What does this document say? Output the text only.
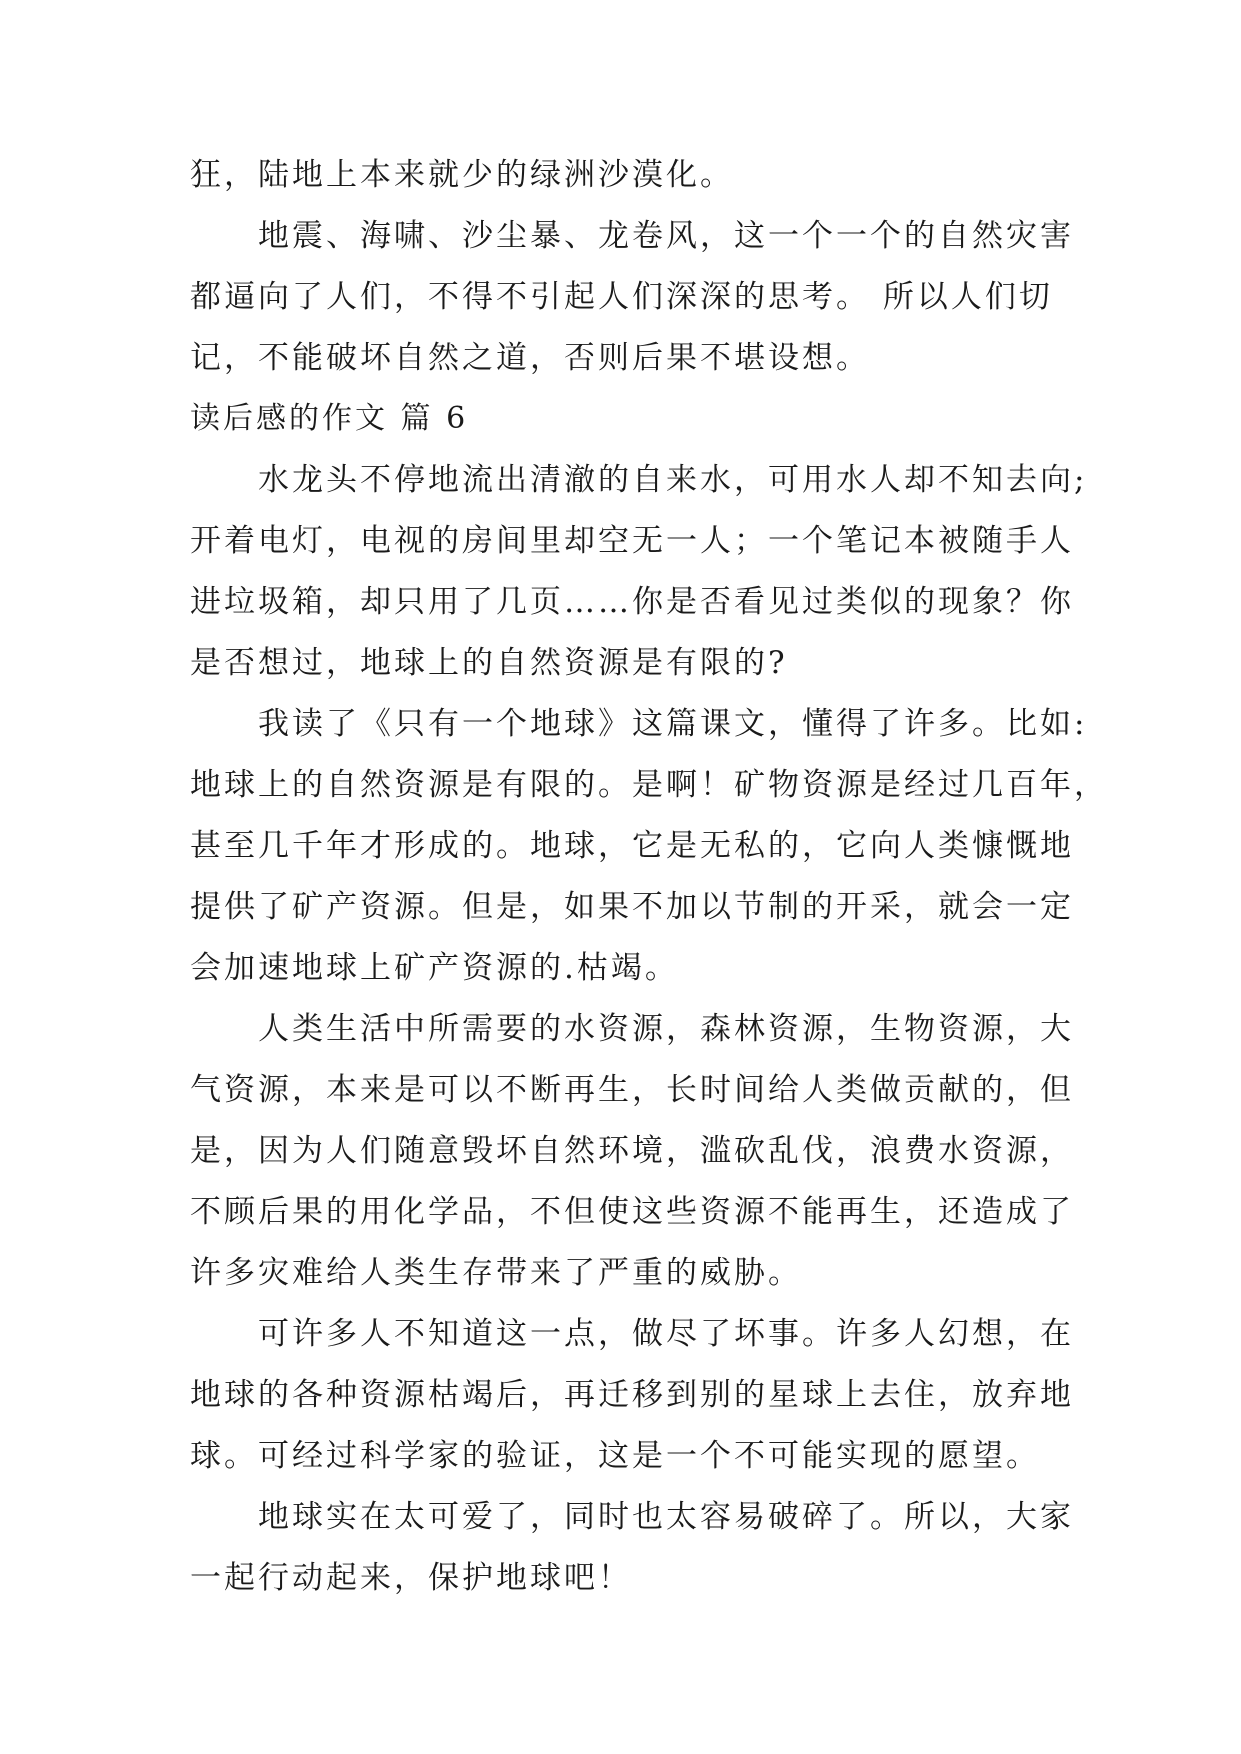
狂，陆地上本来就少的绿洲沙漠化。
地震、海啸、沙尘暴、龙卷风，这一个一个的自然灾害
都逼向了人们，不得不引起人们深深的思考。 所以人们切
记，不能破坏自然之道，否则后果不堪设想。
读后感的作文 篇 6
水龙头不停地流出清澈的自来水，可用水人却不知去向;
开着电灯，电视的房间里却空无一人；一个笔记本被随手人
进垃圾箱，却只用了几页……你是否看见过类似的现象？你
是否想过，地球上的自然资源是有限的?
我读了《只有一个地球》这篇课文，懂得了许多。比如:
地球上的自然资源是有限的。是啊！矿物资源是经过几百年，
甚至几千年才形成的。地球，它是无私的，它向人类慷慨地
提供了矿产资源。但是，如果不加以节制的开采，就会一定
会加速地球上矿产资源的.枯竭。
人类生活中所需要的水资源，森林资源，生物资源，大
气资源，本来是可以不断再生，长时间给人类做贡献的，但
是，因为人们随意毁坏自然环境，滥砍乱伐，浪费水资源，
不顾后果的用化学品，不但使这些资源不能再生，还造成了
许多灾难给人类生存带来了严重的威胁。
可许多人不知道这一点，做尽了坏事。许多人幻想，在
地球的各种资源枯竭后，再迁移到别的星球上去住，放弃地
球。可经过科学家的验证，这是一个不可能实现的愿望。
地球实在太可爱了，同时也太容易破碎了。所以，大家
一起行动起来，保护地球吧！
